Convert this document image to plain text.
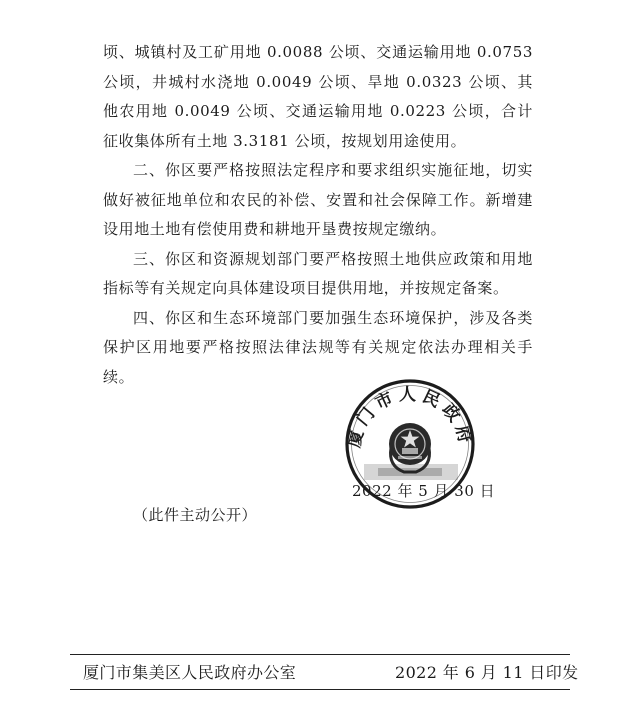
顷、城镇村及工矿用地 0.0088 公顷、交通运输用地 0.0753 公顷，井城村水浇地 0.0049 公顷、旱地 0.0323 公顷、其他农用地 0.0049 公顷、交通运输用地 0.0223 公顷，合计征收集体所有土地 3.3181 公顷，按规划用途使用。

二、你区要严格按照法定程序和要求组织实施征地，切实做好被征地单位和农民的补偿、安置和社会保障工作。新增建设用地土地有偿使用费和耕地开垦费按规定缴纳。

三、你区和资源规划部门要严格按照土地供应政策和用地指标等有关规定向具体建设项目提供用地，并按规定备案。

四、你区和生态环境部门要加强生态环境保护，涉及各类保护区用地要严格按照法律法规等有关规定依法办理相关手续。

厦门市人民政府
2022 年 5 月 30 日
（此件主动公开）
厦门市集美区人民政府办公室	2022 年 6 月 11 日印发
